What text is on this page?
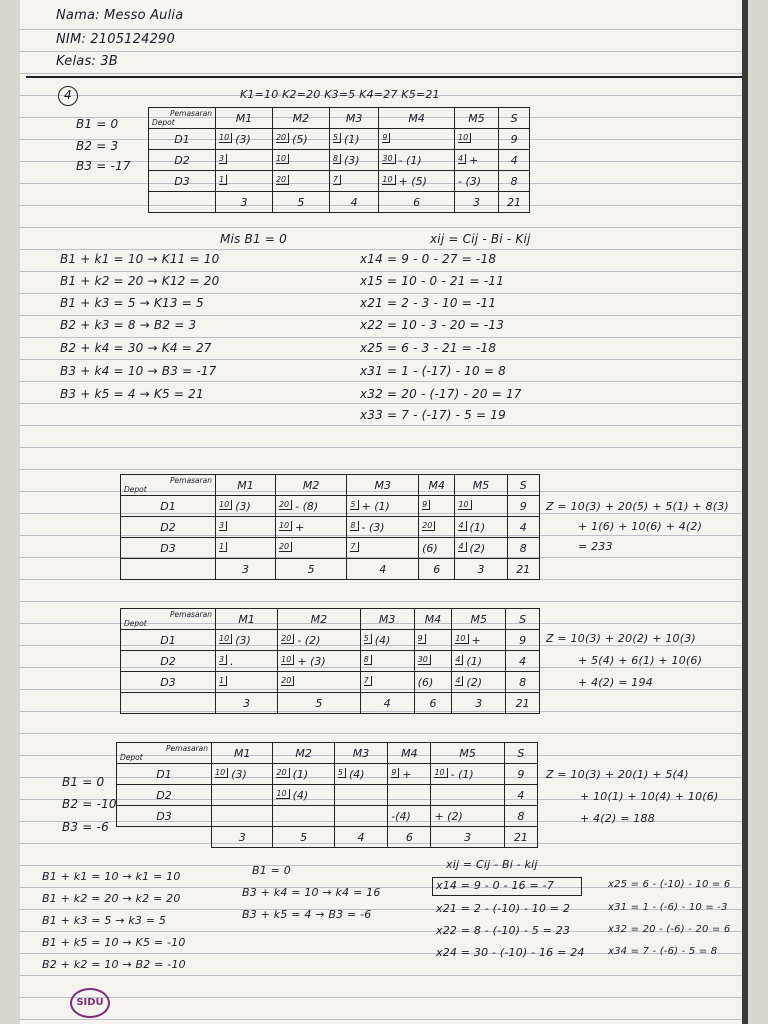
Nama: Messo Aulia
NIM: 2105124290
Kelas: 3B
4	K1=10 K2=20 K3=5 K4=27 K5=21
B1 = 0
B2 = 3
B3 = -17
Pemasaran
Depot	M1	M2	M3	M4	M5	S
D1	10 (3)	20 (5)	5 (1)	9	10	9
D2	3	10	8 (3)	30 - (1)	4 +	4
D3	1	20	7	10 + (5)	- (3)	8
	3	5	4	6	3	21
Mis B1 = 0
B1 + k1 = 10 → K11 = 10
B1 + k2 = 20 → K12 = 20
B1 + k3 = 5 → K13 = 5
B2 + k3 = 8 → B2 = 3
B2 + k4 = 30 → K4 = 27
B3 + k4 = 10 → B3 = -17
B3 + k5 = 4 → K5 = 21
xij = Cij - Bi - Kij
x14 = 9 - 0 - 27 = -18
x15 = 10 - 0 - 21 = -11
x21 = 2 - 3 - 10 = -11
x22 = 10 - 3 - 20 = -13
x25 = 6 - 3 - 21 = -18
x31 = 1 - (-17) - 10 = 8
x32 = 20 - (-17) - 20 = 17
x33 = 7 - (-17) - 5 = 19
Pemasaran
Depot	M1	M2	M3	M4	M5	S
D1	10 (3)	20 - (8)	5 + (1)	9	10	9
D2	3	10 +	8 - (3)	20	4 (1)	4
D3	1	20	7	(6)	4 (2)	8
	3	5	4	6	3	21
Z = 10(3) + 20(5) + 5(1) + 8(3)
+ 1(6) + 10(6) + 4(2)
= 233
Pemasaran
Depot	M1	M2	M3	M4	M5	S
D1	10 (3)	20 - (2)	5 (4)	9	10 +	9
D2	3 .	10 + (3)	8	30	4 (1)	4
D3	1	20	7	(6)	4 (2)	8
	3	5	4	6	3	21
Z = 10(3) + 20(2) + 10(3)
+ 5(4) + 6(1) + 10(6)
+ 4(2) = 194
B1 = 0
B2 = -10
B3 = -6
Pemasaran
Depot	M1	M2	M3	M4	M5	S
D1	10 (3)	20 (1)	5 (4)	9 +	10 - (1)	9
D2		10 (4)				4
D3				-(4)	+ (2)	8
	3	5	4	6	3	21
Z = 10(3) + 20(1) + 5(4)
+ 10(1) + 10(4) + 10(6)
+ 4(2) = 188
B1 + k1 = 10 → k1 = 10
B1 + k2 = 20 → k2 = 20
B1 + k3 = 5 → k3 = 5
B1 + k5 = 10 → K5 = -10
B2 + k2 = 10 → B2 = -10
B1 = 0
B3 + k4 = 10 → k4 = 16
B3 + k5 = 4 → B3 = -6
xij = Cij - Bi - kij
x14 = 9 - 0 - 16 = -7
x21 = 2 - (-10) - 10 = 2
x22 = 8 - (-10) - 5 = 23
x24 = 30 - (-10) - 16 = 24
x25 = 6 - (-10) - 10 = 6
x31 = 1 - (-6) - 10 = -3
x32 = 20 - (-6) - 20 = 6
x34 = 7 - (-6) - 5 = 8
SIDU
